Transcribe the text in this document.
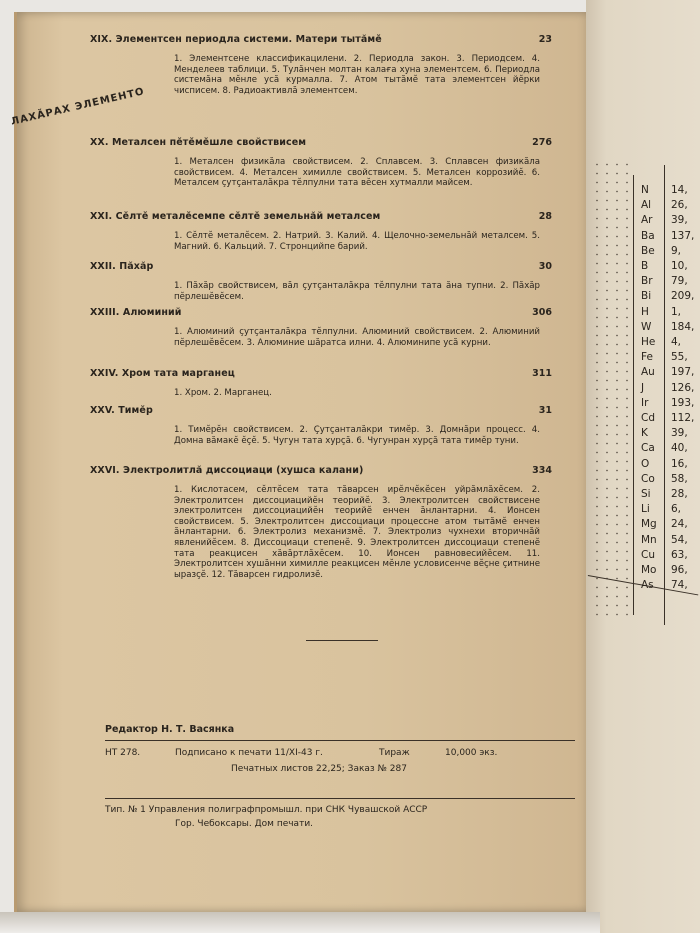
XIX. Элементсен периодла системи. Матери тытăмĕ	23
1. Элементсене классификацилени. 2. Периодла закон. 3. Периодсем. 4. Менделеев таблици. 5. Тулăнчен молтан калаға хуна элементсем. 6. Периодла системăна мĕнле усă курмалла. 7. Атом тытăмĕ тата элементсен йĕрки чисписем. 8. Радиоактивлă элементсем.
XX. Металсен пĕтĕмĕшле свойствисем	276
1. Металсен физикăла свойствисем. 2. Сплавсем. 3. Сплавсен физикăла свойствисем. 4. Металсен химилле свойствисем. 5. Металсен коррозийĕ. 6. Металсем çутçанталăкра тĕлпулни тата вĕсен хутмалли майсем.
XXI. Сĕлтĕ металĕсемпе сĕлтĕ земельнăй металсем	28
1. Сĕлтĕ металĕсем. 2. Натрий. 3. Калий. 4. Щелочно-земельнăй металсем. 5. Магний. 6. Кальций. 7. Стронцийпе барий.
XXII. Пăхăр	30
1. Пăхăр свойствисем, вăл çутçанталăкра тĕлпулни тата ăна тупни. 2. Пăхăр пĕрлешĕвĕсем.
XXIII. Алюминий	306
1. Алюминий çутçанталăкра тĕлпулни. Алюминий свойствисем. 2. Алюминий пĕрлешĕвĕсем. 3. Алюминие шăратса илни. 4. Алюминипе усă курни.
XXIV. Хром тата марганец	311
1. Хром. 2. Марганец.
XXV. Тимĕр	31
1. Тимĕрĕн свойствисем. 2. Çутçанталăкри тимĕр. 3. Домнăри процесс. 4. Домна вăмакĕ ĕçĕ. 5. Чугун тата хурçă. 6. Чугунран хурçă тата тимĕр туни.
XXVI. Электролитлă диссоциаци (хушса калани)	334
1. Кислотасем, сĕлтĕсем тата тăварсен ирĕлчĕкĕсен уйрăмлăхĕсем. 2. Электролитсен диссоциацийĕн теорийĕ. 3. Электролитсен свойствисене электролитсен диссоциацийĕн теорийĕ енчен ăнлантарни. 4. Ионсен свойствисем. 5. Электролитсен диссоциаци процессне атом тытăмĕ енчен ăнлантарни. 6. Электролиз механизмĕ. 7. Электролиз чухнехи вторичнăй явленийĕсем. 8. Диссоциаци степенĕ. 9. Электролитсен диссоциаци степенĕ тата реакцисен хăвăртлăхĕсем. 10. Ионсен равновесийĕсем. 11. Электролитсен хушăнни химилле реакцисен мĕнле условисенче вĕçне çитнине ыразçĕ. 12. Тăварсен гидролизĕ.
Редактор Н. Т. Васянка
НТ 278.	Подписано к печати 11/XI-43 г.	Тираж	10,000 экз.
Печатных листов 22,25; Заказ № 287
Тип. № 1 Управления полиграфпромышл. при СНК Чувашской АССР
Гор. Чебоксары. Дом печати.
ЛАХĂРАХ ЭЛЕМЕНТО
N 14,
Al 26,
Ar 39,
Ba 137,
Be 9,
B 10,
Br 79,
Bi 209,
H 1,
W 184,
He 4,
Fe 55,
Au 197,
J	126,
Ir 193,
Cd 112,
K 39,
Ca 40,
O 16,
Co 58,
Si 28,
Li 6,
Mg 24,
Mn 54,
Cu 63,
Mo 96,
As 74,
